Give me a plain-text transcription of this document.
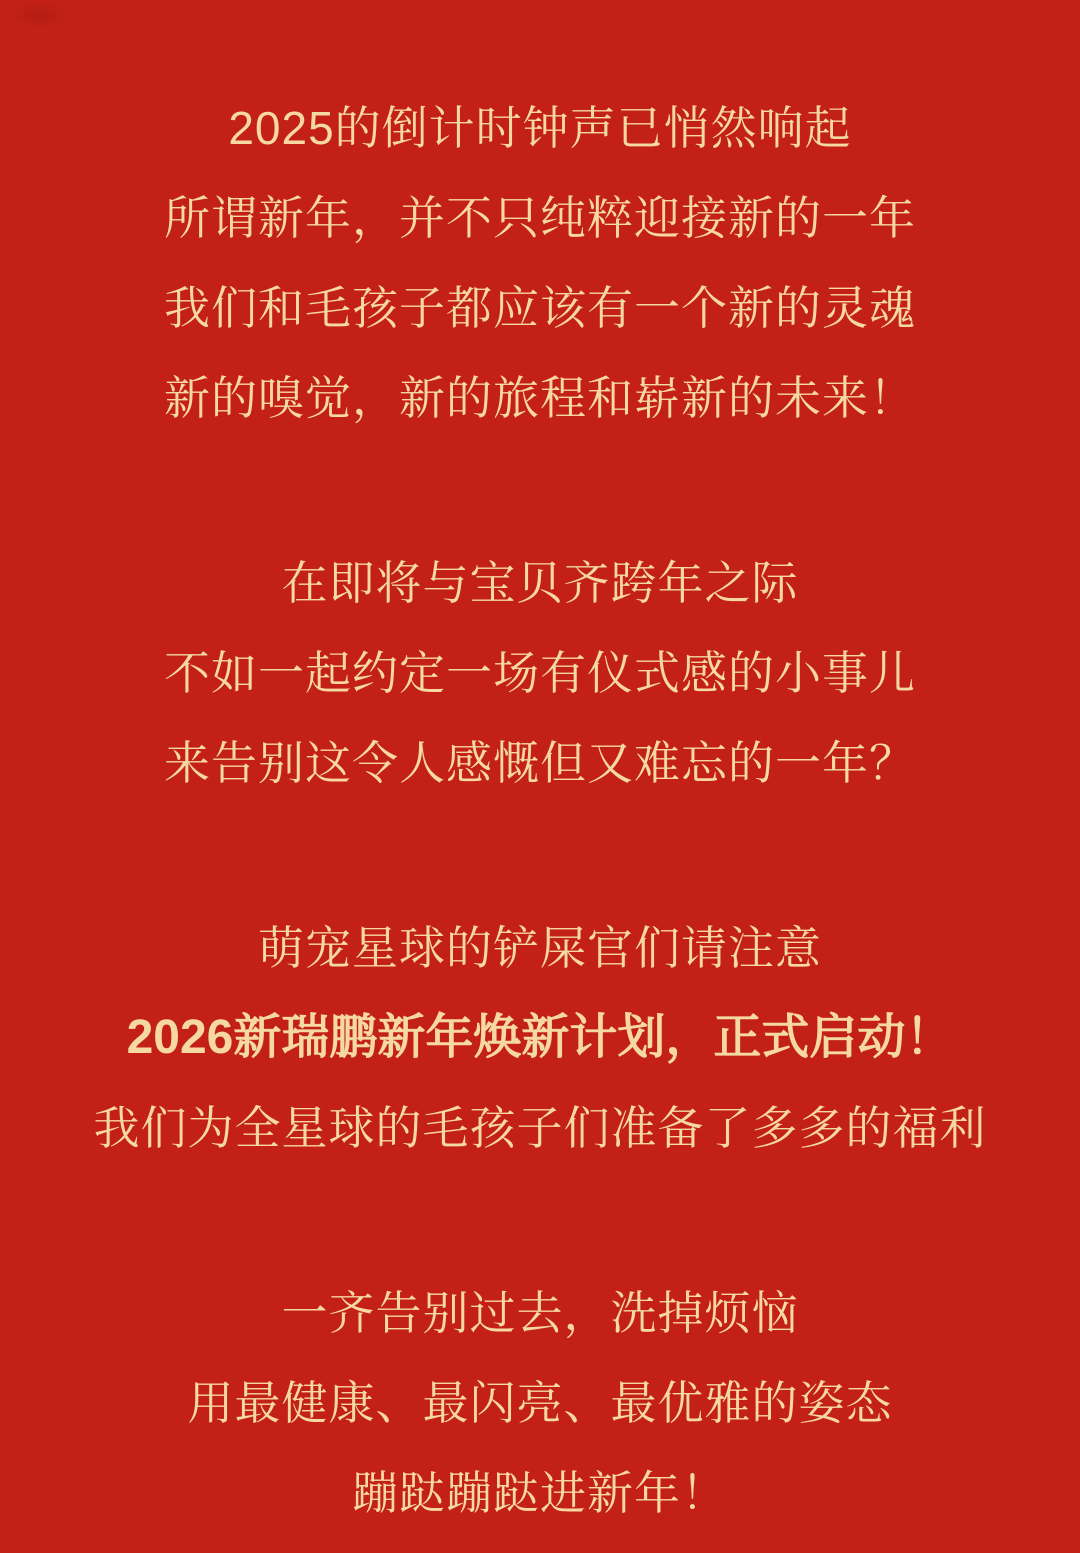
2025的倒计时钟声已悄然响起

所谓新年，并不只纯粹迎接新的一年

我们和毛孩子都应该有一个新的灵魂

新的嗅觉，新的旅程和崭新的未来！

在即将与宝贝齐跨年之际

不如一起约定一场有仪式感的小事儿

来告别这令人感慨但又难忘的一年？

萌宠星球的铲屎官们请注意

2026新瑞鹏新年焕新计划，正式启动！

我们为全星球的毛孩子们准备了多多的福利

一齐告别过去，洗掉烦恼

用最健康、最闪亮、最优雅的姿态

蹦跶蹦跶进新年！
